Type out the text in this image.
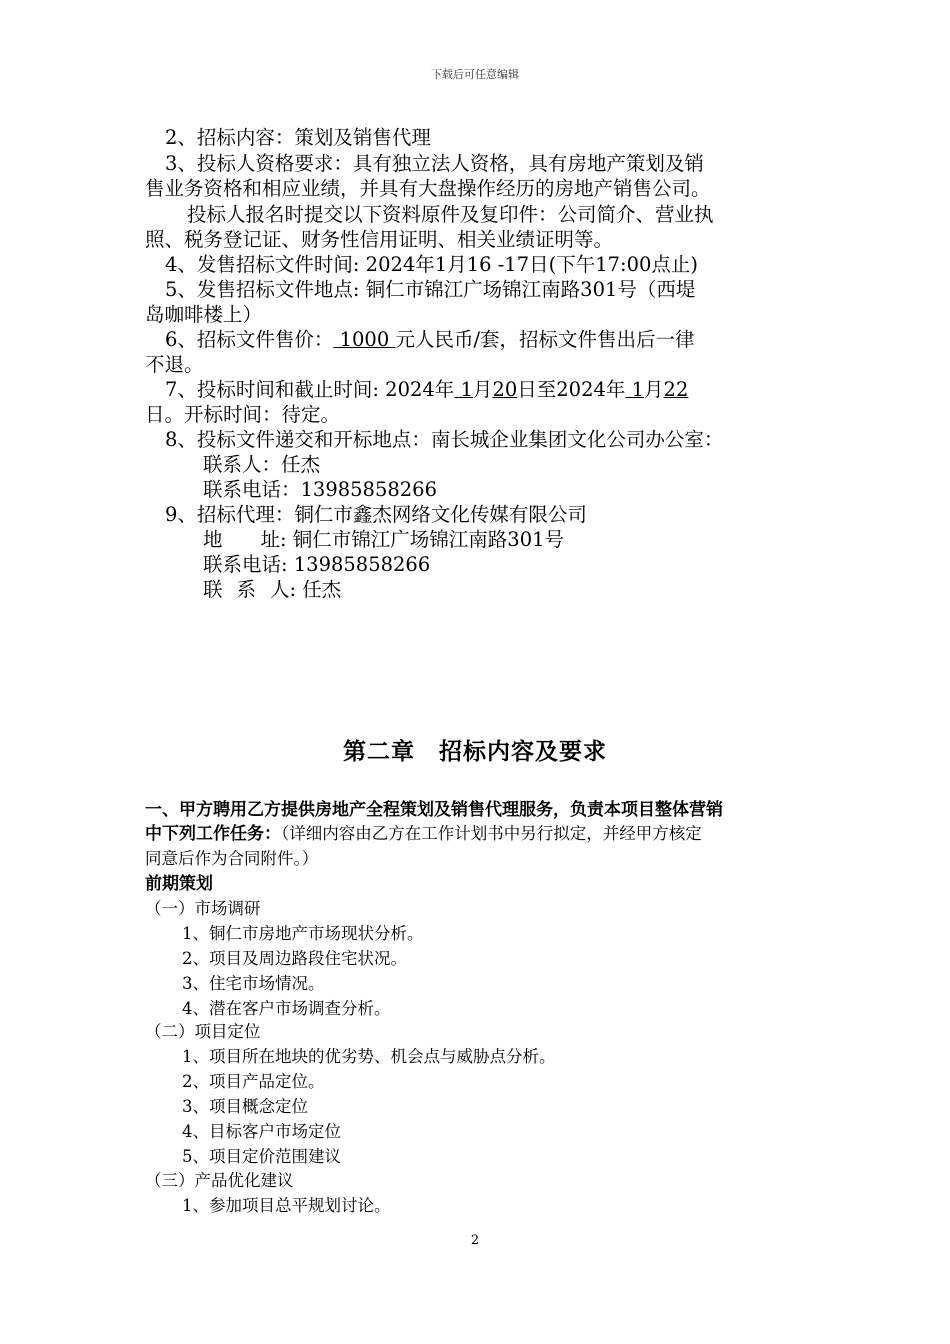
下载后可任意编辑
2、招标内容：策划及销售代理
3、投标人资格要求：具有独立法人资格，具有房地产策划及销
售业务资格和相应业绩，并具有大盘操作经历的房地产销售公司。
投标人报名时提交以下资料原件及复印件：公司简介、营业执
照、税务登记证、财务性信用证明、相关业绩证明等。
4、发售招标文件时间: 2024年1月16 -17日(下午17:00点止)
5、发售招标文件地点: 铜仁市锦江广场锦江南路301号（西堤
岛咖啡楼上）
6、招标文件售价： 1000 元人民币/套，招标文件售出后一律
不退。
7、投标时间和截止时间: 2024年 1月20日至2024年 1月22
日。开标时间：待定。
8、投标文件递交和开标地点：南长城企业集团文化公司办公室：
联系人：任杰
联系电话：13985858266
9、招标代理：铜仁市鑫杰网络文化传媒有限公司
地 址: 铜仁市锦江广场锦江南路301号
联系电话: 13985858266
联 系 人: 任杰
第二章　招标内容及要求
一、甲方聘用乙方提供房地产全程策划及销售代理服务，负责本项目整体营销
中下列工作任务：（详细内容由乙方在工作计划书中另行拟定，并经甲方核定
同意后作为合同附件。）
前期策划
（一）市场调研
1、铜仁市房地产市场现状分析。
2、项目及周边路段住宅状况。
3、住宅市场情况。
4、潜在客户市场调查分析。
（二）项目定位
1、项目所在地块的优劣势、机会点与威胁点分析。
2、项目产品定位。
3、项目概念定位
4、目标客户市场定位
5、项目定价范围建议
（三）产品优化建议
1、参加项目总平规划讨论。
2
